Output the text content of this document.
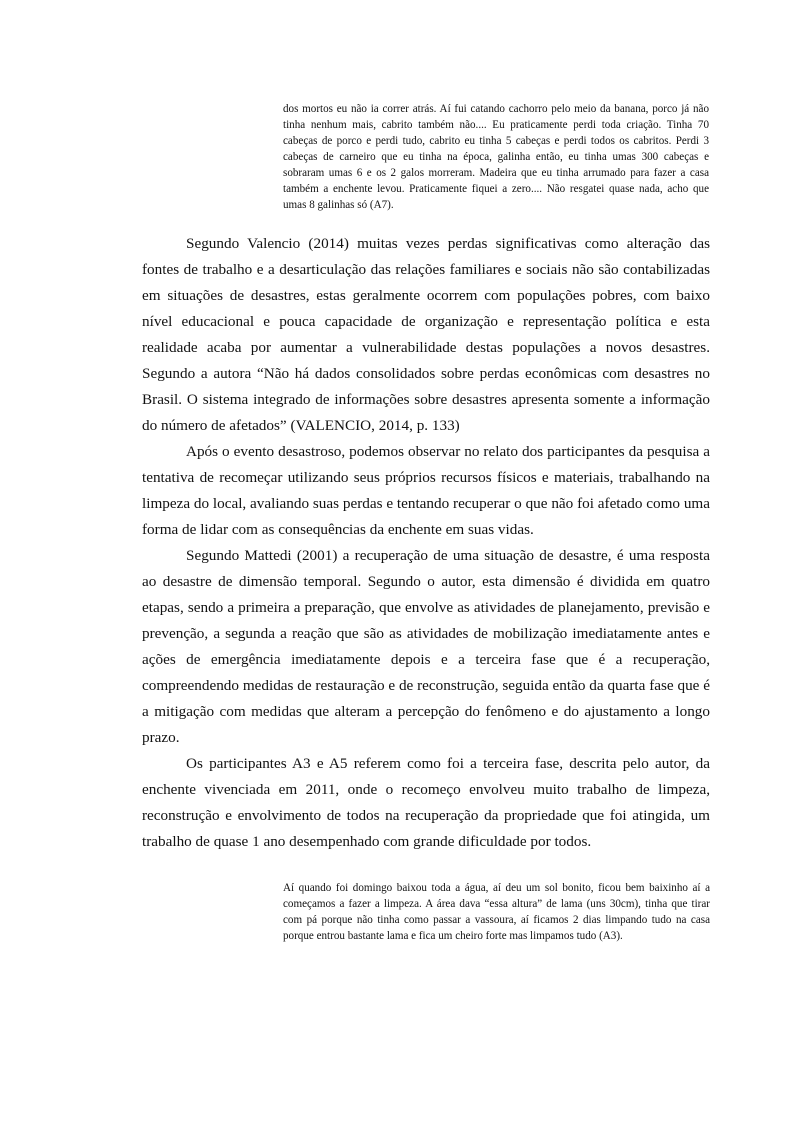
dos mortos eu não ia correr atrás. Aí fui catando cachorro pelo meio da banana, porco já não tinha nenhum mais, cabrito também não.... Eu praticamente perdi toda criação. Tinha 70 cabeças de porco e perdi tudo, cabrito eu tinha 5 cabeças e perdi todos os cabritos. Perdi 3 cabeças de carneiro que eu tinha na época, galinha então, eu tinha umas 300 cabeças e sobraram umas 6 e os 2 galos morreram. Madeira que eu tinha arrumado para fazer a casa também a enchente levou. Praticamente fiquei a zero.... Não resgatei quase nada, acho que umas 8 galinhas só (A7).

Segundo Valencio (2014) muitas vezes perdas significativas como alteração das fontes de trabalho e a desarticulação das relações familiares e sociais não são contabilizadas em situações de desastres, estas geralmente ocorrem com populações pobres, com baixo nível educacional e pouca capacidade de organização e representação política e esta realidade acaba por aumentar a vulnerabilidade destas populações a novos desastres. Segundo a autora “Não há dados consolidados sobre perdas econômicas com desastres no Brasil. O sistema integrado de informações sobre desastres apresenta somente a informação do número de afetados” (VALENCIO, 2014, p. 133)

Após o evento desastroso, podemos observar no relato dos participantes da pesquisa a tentativa de recomeçar utilizando seus próprios recursos físicos e materiais, trabalhando na limpeza do local, avaliando suas perdas e tentando recuperar o que não foi afetado como uma forma de lidar com as consequências da enchente em suas vidas.

Segundo Mattedi (2001) a recuperação de uma situação de desastre, é uma resposta ao desastre de dimensão temporal. Segundo o autor, esta dimensão é dividida em quatro etapas, sendo a primeira a preparação, que envolve as atividades de planejamento, previsão e prevenção, a segunda a reação que são as atividades de mobilização imediatamente antes e ações de emergência imediatamente depois e a terceira fase que é a recuperação, compreendendo medidas de restauração e de reconstrução, seguida então da quarta fase que é a mitigação com medidas que alteram a percepção do fenômeno e do ajustamento a longo prazo.

Os participantes A3 e A5 referem como foi a terceira fase, descrita pelo autor, da enchente vivenciada em 2011, onde o recomeço envolveu muito trabalho de limpeza, reconstrução e envolvimento de todos na recuperação da propriedade que foi atingida, um trabalho de quase 1 ano desempenhado com grande dificuldade por todos.

Aí quando foi domingo baixou toda a água, aí deu um sol bonito, ficou bem baixinho aí a começamos a fazer a limpeza. A área dava “essa altura” de lama (uns 30cm), tinha que tirar com pá porque não tinha como passar a vassoura, aí ficamos 2 dias limpando tudo na casa porque entrou bastante lama e fica um cheiro forte mas limpamos tudo (A3).
